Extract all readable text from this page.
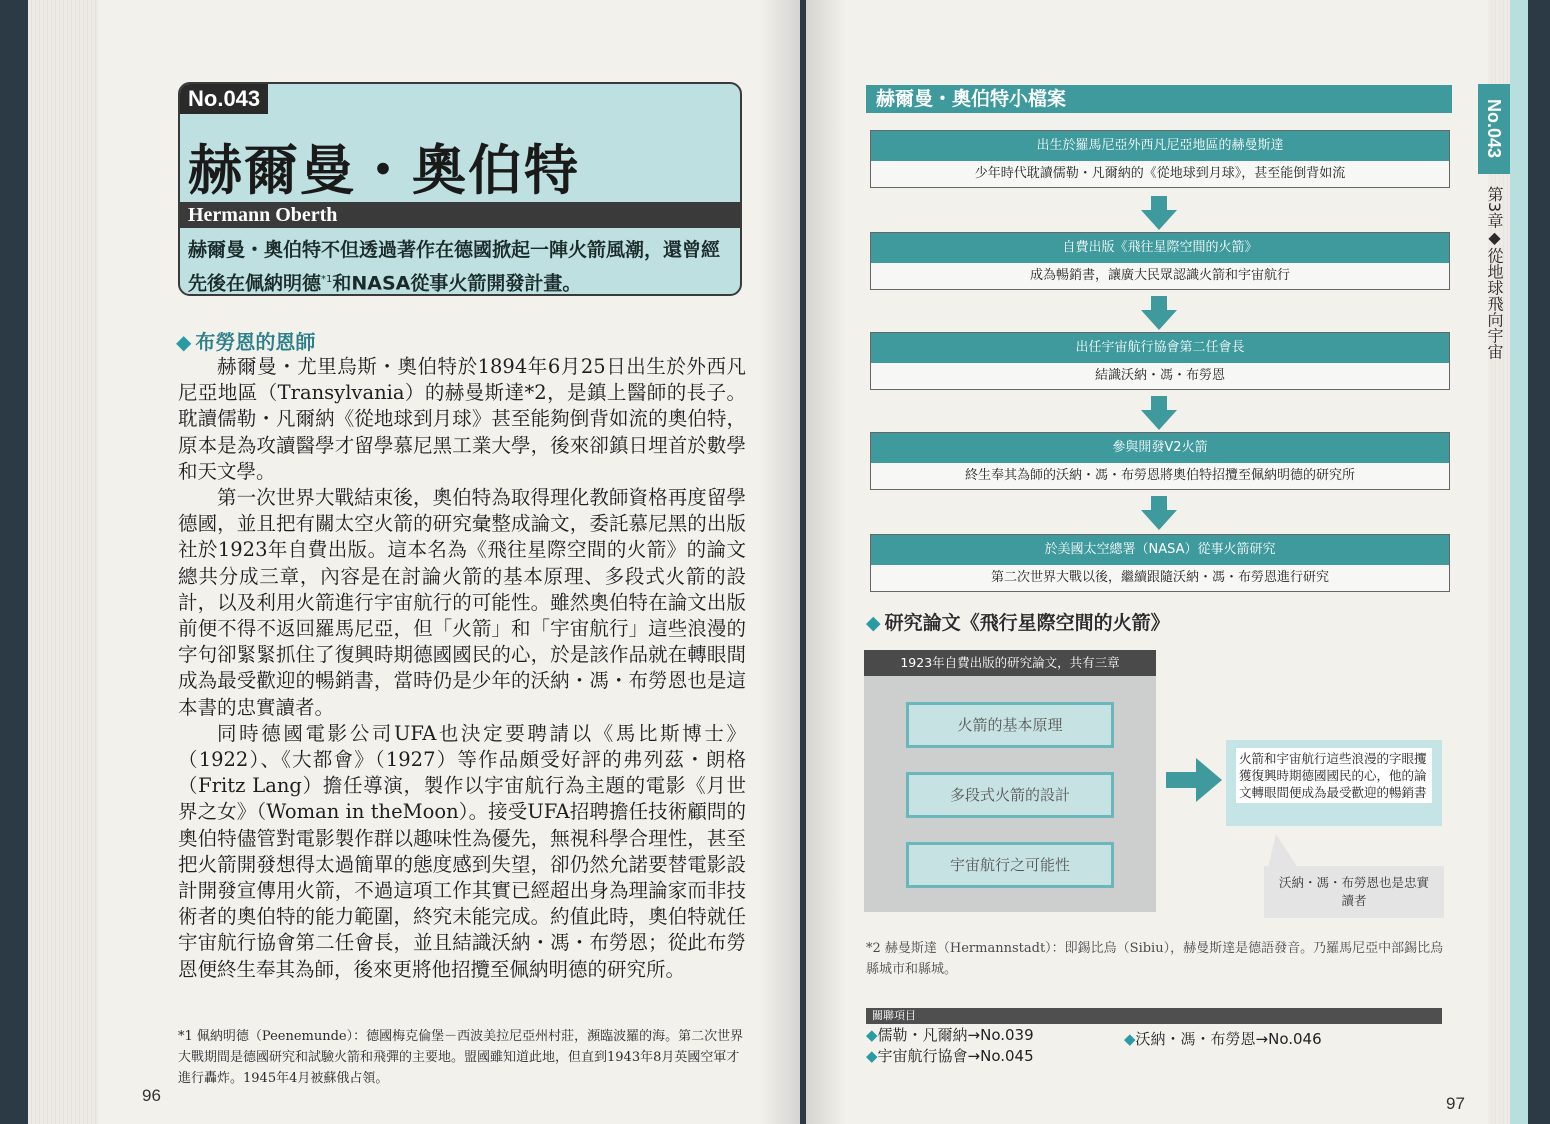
No.043
赫爾曼・奧伯特
Hermann Oberth
赫爾曼・奧伯特不但透過著作在德國掀起一陣火箭風潮，還曾經先後在佩納明德$^{*1}$和NASA從事火箭開發計畫。
◆ 布勞恩的恩師

赫爾曼・尤里烏斯・奧伯特於1894年6月25日出生於外西凡尼亞地區（Transylvania）的赫曼斯達*2，是鎮上醫師的長子。耽讀儒勒・凡爾納《從地球到月球》甚至能夠倒背如流的奧伯特，原本是為攻讀醫學才留學慕尼黑工業大學，後來卻鎮日埋首於數學和天文學。

第一次世界大戰結束後，奧伯特為取得理化教師資格再度留學德國，並且把有關太空火箭的研究彙整成論文，委託慕尼黑的出版社於1923年自費出版。這本名為《飛往星際空間的火箭》的論文總共分成三章，內容是在討論火箭的基本原理、多段式火箭的設計，以及利用火箭進行宇宙航行的可能性。雖然奧伯特在論文出版前便不得不返回羅馬尼亞，但「火箭」和「宇宙航行」這些浪漫的字句卻緊緊抓住了復興時期德國國民的心，於是該作品就在轉眼間成為最受歡迎的暢銷書，當時仍是少年的沃納・馮・布勞恩也是這本書的忠實讀者。

同時德國電影公司UFA也決定要聘請以《馬比斯博士》（1922）、《大都會》（1927）等作品頗受好評的弗列茲・朗格（Fritz Lang）擔任導演，製作以宇宙航行為主題的電影《月世界之女》（Woman in theMoon）。接受UFA招聘擔任技術顧問的奧伯特儘管對電影製作群以趣味性為優先，無視科學合理性，甚至把火箭開發想得太過簡單的態度感到失望，卻仍然允諾要替電影設計開發宣傳用火箭，不過這項工作其實已經超出身為理論家而非技術者的奧伯特的能力範圍，終究未能完成。約值此時，奧伯特就任宇宙航行協會第二任會長，並且結識沃納・馮・布勞恩；從此布勞恩便終生奉其為師，後來更將他招攬至佩納明德的研究所。

*1 佩納明德（Peenemunde）：德國梅克倫堡－西波美拉尼亞州村莊，瀕臨波羅的海。第二次世界大戰期間是德國研究和試驗火箭和飛彈的主要地。盟國雖知道此地，但直到1943年8月英國空軍才進行轟炸。1945年4月被蘇俄占領。
96
赫爾曼・奧伯特小檔案
出生於羅馬尼亞外西凡尼亞地區的赫曼斯達
少年時代耽讀儒勒・凡爾納的《從地球到月球》，甚至能倒背如流
自費出版《飛往星際空間的火箭》
成為暢銷書，讓廣大民眾認識火箭和宇宙航行
出任宇宙航行協會第二任會長
結識沃納・馮・布勞恩
參與開發V2火箭
終生奉其為師的沃納・馮・布勞恩將奧伯特招攬至佩納明德的研究所
於美國太空總署（NASA）從事火箭研究
第二次世界大戰以後，繼續跟隨沃納・馮・布勞恩進行研究
◆ 研究論文《飛行星際空間的火箭》
1923年自費出版的研究論文，共有三章
火箭的基本原理
多段式火箭的設計
宇宙航行之可能性
火箭和宇宙航行這些浪漫的字眼攫獲復興時期德國國民的心，他的論文轉眼間便成為最受歡迎的暢銷書
沃納・馮・布勞恩也是忠實讀者
*2 赫曼斯達（Hermannstadt）：即錫比烏（Sibiu），赫曼斯達是德語發音。乃羅馬尼亞中部錫比烏縣城市和縣城。
關聯項目
◆儒勒・凡爾納→No.039
◆宇宙航行協會→No.045
◆沃納・馮・布勞恩→No.046
No.043
第3章◆從地球飛向宇宙
97
